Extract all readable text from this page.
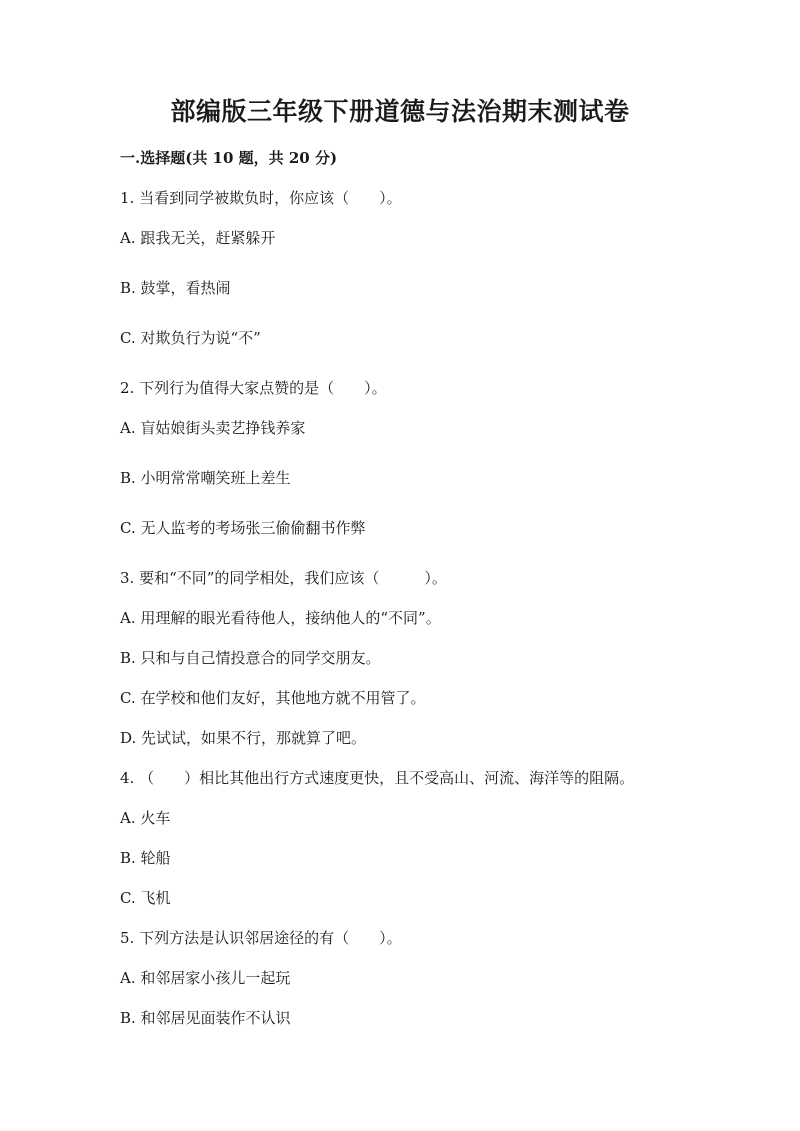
部编版三年级下册道德与法治期末测试卷
一.选择题(共 10 题，共 20 分)
1. 当看到同学被欺负时，你应该（　　）。
A. 跟我无关，赶紧躲开
B. 鼓掌，看热闹
C. 对欺负行为说“不”
2. 下列行为值得大家点赞的是（　　）。
A. 盲姑娘街头卖艺挣钱养家
B. 小明常常嘲笑班上差生
C. 无人监考的考场张三偷偷翻书作弊
3. 要和“不同”的同学相处，我们应该（　　　）。
A. 用理解的眼光看待他人，接纳他人的“不同”。
B. 只和与自己情投意合的同学交朋友。
C. 在学校和他们友好，其他地方就不用管了。
D. 先试试，如果不行，那就算了吧。
4. （　　）相比其他出行方式速度更快，且不受高山、河流、海洋等的阻隔。
A. 火车
B. 轮船
C. 飞机
5. 下列方法是认识邻居途径的有（　　）。
A. 和邻居家小孩儿一起玩
B. 和邻居见面装作不认识
